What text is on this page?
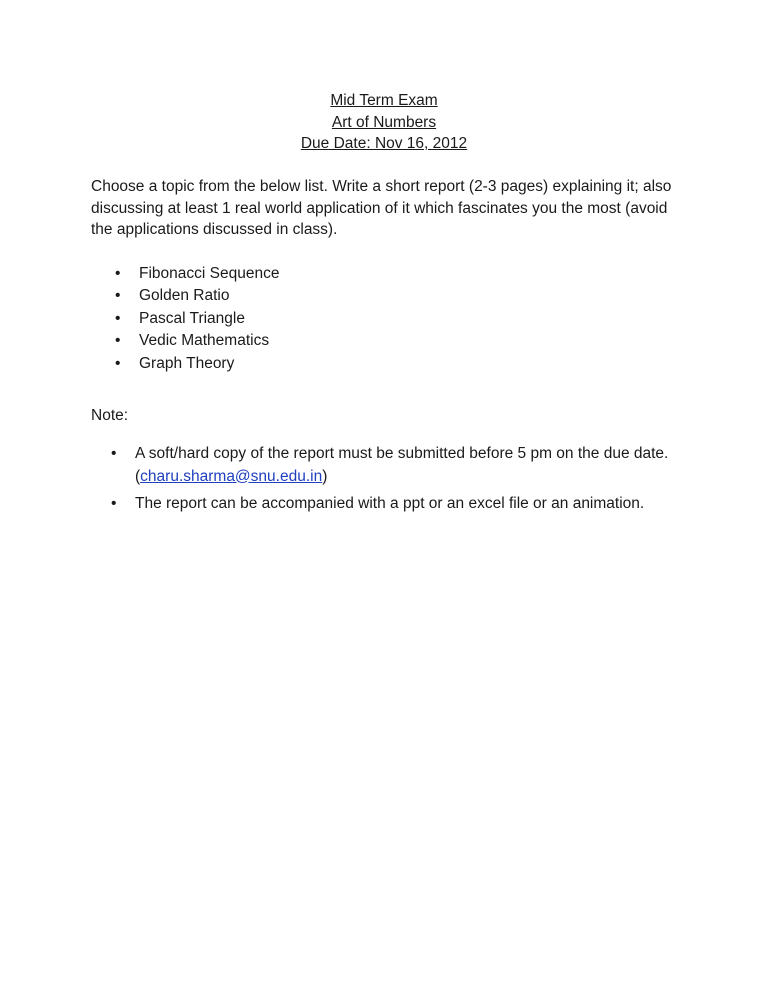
Mid Term Exam
Art of Numbers
Due Date: Nov 16, 2012
Choose a topic from the below list. Write a short report (2-3 pages) explaining it; also discussing at least 1 real world application of it which fascinates you the most (avoid the applications discussed in class).
• Fibonacci Sequence
• Golden Ratio
• Pascal Triangle
• Vedic Mathematics
• Graph Theory
Note:
• A soft/hard copy of the report must be submitted before 5 pm on the due date. (charu.sharma@snu.edu.in)
• The report can be accompanied with a ppt or an excel file or an animation.
